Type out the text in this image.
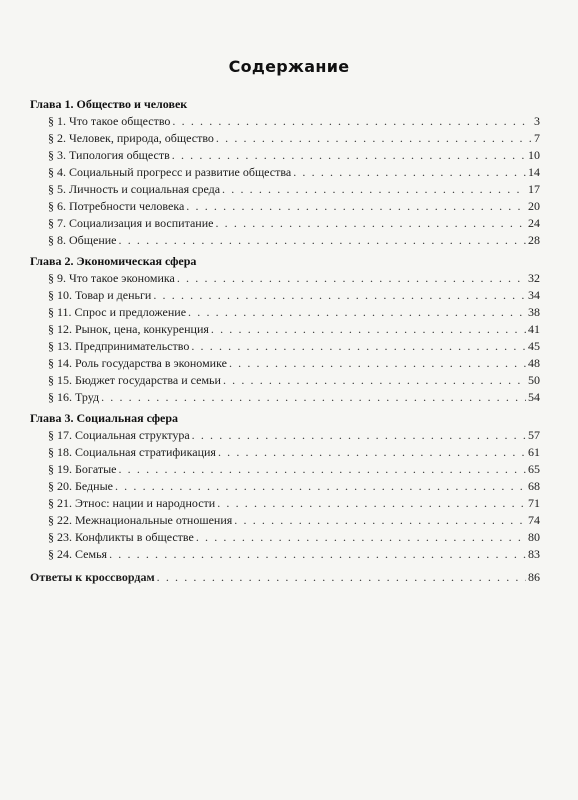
Содержание
Глава 1. Общество и человек
§ 1. Что такое общество . . .	3
§ 2. Человек, природа, общество . . .	7
§ 3. Типология обществ . . .	10
§ 4. Социальный прогресс и развитие общества . . .	14
§ 5. Личность и социальная среда . . .	17
§ 6. Потребности человека . . .	20
§ 7. Социализация и воспитание . . .	24
§ 8. Общение . . .	28
Глава 2. Экономическая сфера
§ 9. Что такое экономика . . .	32
§ 10. Товар и деньги . . .	34
§ 11. Спрос и предложение . . .	38
§ 12. Рынок, цена, конкуренция . . .	41
§ 13. Предпринимательство . . .	45
§ 14. Роль государства в экономике . . .	48
§ 15. Бюджет государства и семьи . . .	50
§ 16. Труд . . .	54
Глава 3. Социальная сфера
§ 17. Социальная структура . . .	57
§ 18. Социальная стратификация . . .	61
§ 19. Богатые . . .	65
§ 20. Бедные . . .	68
§ 21. Этнос: нации и народности . . .	71
§ 22. Межнациональные отношения . . .	74
§ 23. Конфликты в обществе . . .	80
§ 24. Семья . . .	83
Ответы к кроссвордам . . .	86
